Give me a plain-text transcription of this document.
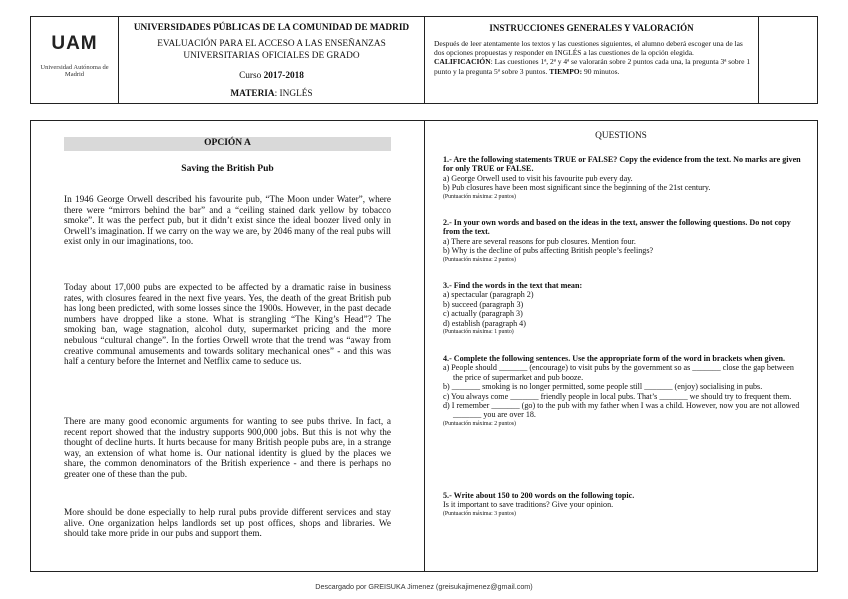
UAM
Universidad Autónoma de Madrid
UNIVERSIDADES PÚBLICAS DE LA COMUNIDAD DE MADRID
EVALUACIÓN PARA EL ACCESO A LAS ENSEÑANZAS
UNIVERSITARIAS OFICIALES DE GRADO
Curso 2017-2018
MATERIA: INGLÉS
INSTRUCCIONES GENERALES Y VALORACIÓN
Después de leer atentamente los textos y las cuestiones siguientes, el alumno deberá escoger una de las dos opciones propuestas y responder en INGLÉS a las cuestiones de la opción elegida.
CALIFICACIÓN: Las cuestiones 1ª, 2ª y 4ª se valorarán sobre 2 puntos cada una, la pregunta 3ª sobre 1 punto y la pregunta 5ª sobre 3 puntos. TIEMPO: 90 minutos.
OPCIÓN A
Saving the British Pub

In 1946 George Orwell described his favourite pub, “The Moon under Water”, where there were “mirrors behind the bar” and a “ceiling stained dark yellow by tobacco smoke”. It was the perfect pub, but it didn’t exist since the ideal boozer lived only in Orwell’s imagination. If we carry on the way we are, by 2046 many of the real pubs will exist only in our imaginations, too.

Today about 17,000 pubs are expected to be affected by a dramatic raise in business rates, with closures feared in the next five years. Yes, the death of the great British pub has long been predicted, with some losses since the 1900s. However, in the past decade numbers have dropped like a stone. What is strangling “The King’s Head”? The smoking ban, wage stagnation, alcohol duty, supermarket pricing and the more nebulous “cultural change”. In the forties Orwell wrote that the trend was “away from creative communal amusements and towards solitary mechanical ones” - and this was half a century before the Internet and Netflix came to seduce us.

There are many good economic arguments for wanting to see pubs thrive. In fact, a recent report showed that the industry supports 900,000 jobs. But this is not why the thought of decline hurts. It hurts because for many British people pubs are, in a strange way, an extension of what home is. Our national identity is glued by the places we share, the common denominators of the British experience - and there is perhaps no greater one of these than the pub.

More should be done especially to help rural pubs provide different services and stay alive. One organization helps landlords set up post offices, shops and libraries. We should take more pride in our pubs and support them.

QUESTIONS
1.- Are the following statements TRUE or FALSE? Copy the evidence from the text. No marks are given for only TRUE or FALSE.
a) George Orwell used to visit his favourite pub every day.
b) Pub closures have been most significant since the beginning of the 21st century.
(Puntuación máxima: 2 puntos)
2.- In your own words and based on the ideas in the text, answer the following questions. Do not copy from the text.
a) There are several reasons for pub closures. Mention four.
b) Why is the decline of pubs affecting British people’s feelings?
(Puntuación máxima: 2 puntos)
3.- Find the words in the text that mean:
a) spectacular (paragraph 2)
b) succeed (paragraph 3)
c) actually (paragraph 3)
d) establish (paragraph 4)
(Puntuación máxima: 1 punto)
4.- Complete the following sentences. Use the appropriate form of the word in brackets when given.
a) People should _______ (encourage) to visit pubs by the government so as _______ close the gap between the price of supermarket and pub booze.
b) _______ smoking is no longer permitted, some people still _______ (enjoy) socialising in pubs.
c) You always come _______ friendly people in local pubs. That’s _______ we should try to frequent them.
d) I remember _______ (go) to the pub with my father when I was a child. However, now you are not allowed _______ you are over 18.
(Puntuación máxima: 2 puntos)
5.- Write about 150 to 200 words on the following topic.
Is it important to save traditions? Give your opinion.
(Puntuación máxima: 3 puntos)
Descargado por GREISUKA Jimenez (greisukajimenez@gmail.com)
